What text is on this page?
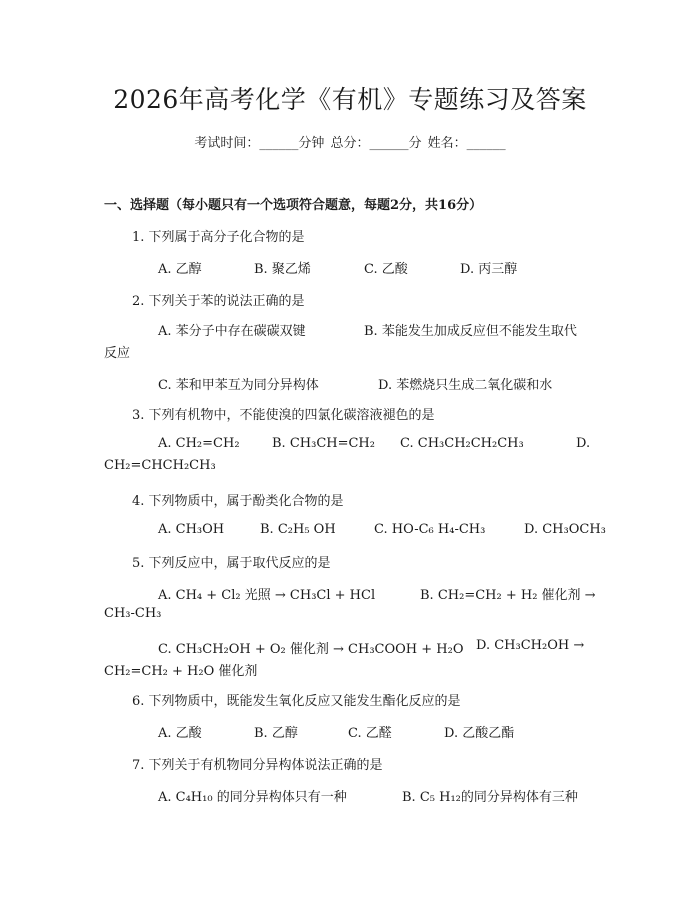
2026年高考化学《有机》专题练习及答案
考试时间：______分钟 总分：______分 姓名：______
一、选择题（每小题只有一个选项符合题意，每题2分，共16分）
1. 下列属于高分子化合物的是
A. 乙醇	B. 聚乙烯	C. 乙酸	D. 丙三醇
2. 下列关于苯的说法正确的是
A. 苯分子中存在碳碳双键	B. 苯能发生加成反应但不能发生取代
反应
C. 苯和甲苯互为同分异构体	D. 苯燃烧只生成二氧化碳和水
3. 下列有机物中，不能使溴的四氯化碳溶液褪色的是
A. CH₂=CH₂ B. CH₃CH=CH₂ C. CH₃CH₂CH₂CH₃	D.
CH₂=CHCH₂CH₃
4. 下列物质中，属于酚类化合物的是
A. CH₃OH	B. C₂H₅ OH	C. HO-C₆ H₄-CH₃	D. CH₃OCH₃
5. 下列反应中，属于取代反应的是
A. CH₄ + Cl₂ 光照 → CH₃Cl + HCl	B. CH₂=CH₂ + H₂ 催化剂 →
CH₃-CH₃
C. CH₃CH₂OH + O₂ 催化剂 → CH₃COOH + H₂O D. CH₃CH₂OH →
CH₂=CH₂ + H₂O 催化剂
6. 下列物质中，既能发生氧化反应又能发生酯化反应的是
A. 乙酸	B. 乙醇	C. 乙醛	D. 乙酸乙酯
7. 下列关于有机物同分异构体说法正确的是
A. C₄H₁₀ 的同分异构体只有一种	B. C₅ H₁₂的同分异构体有三种
